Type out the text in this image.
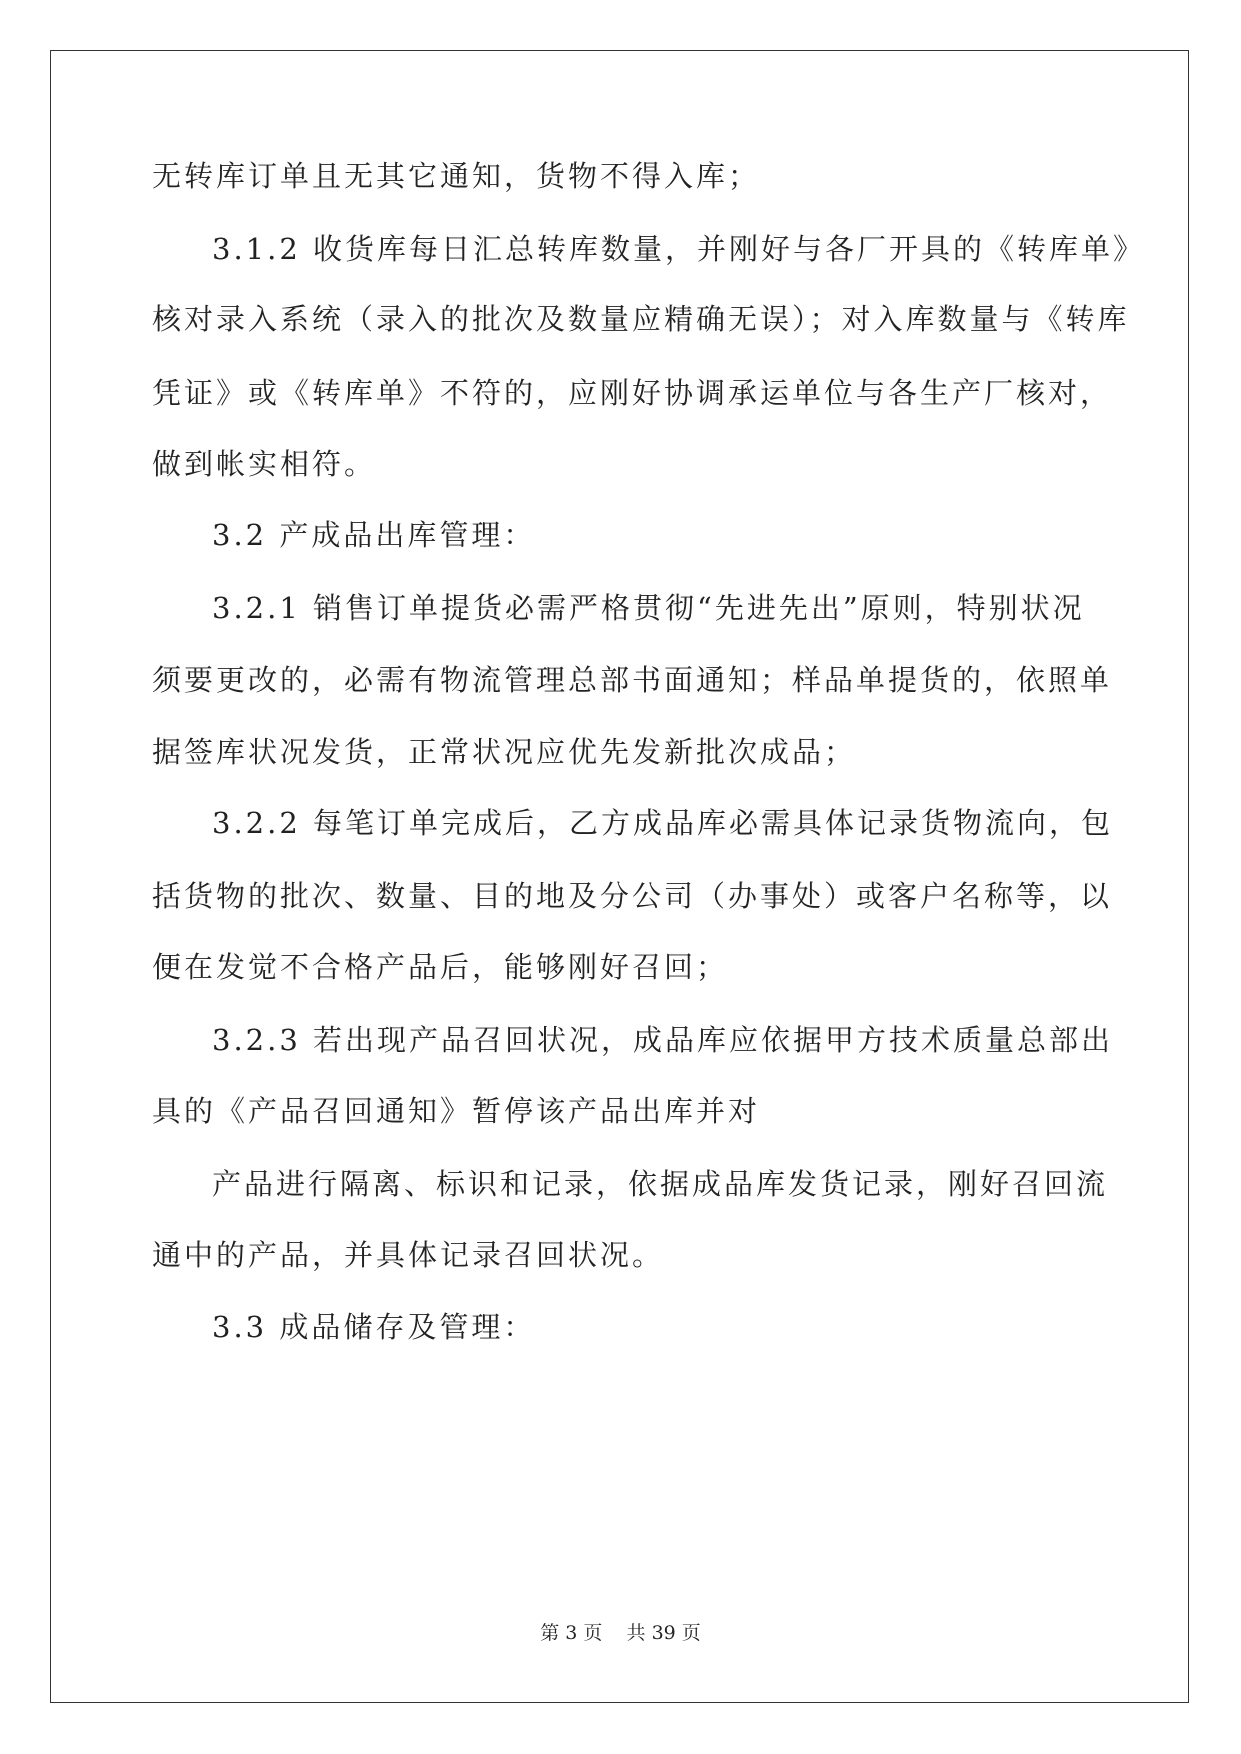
无转库订单且无其它通知，货物不得入库；
3.1.2 收货库每日汇总转库数量，并刚好与各厂开具的《转库单》
核对录入系统（录入的批次及数量应精确无误）；对入库数量与《转库
凭证》或《转库单》不符的，应刚好协调承运单位与各生产厂核对，
做到帐实相符。
3.2 产成品出库管理：
3.2.1 销售订单提货必需严格贯彻“先进先出”原则，特别状况
须要更改的，必需有物流管理总部书面通知；样品单提货的，依照单
据签库状况发货，正常状况应优先发新批次成品；
3.2.2 每笔订单完成后，乙方成品库必需具体记录货物流向，包
括货物的批次、数量、目的地及分公司（办事处）或客户名称等，以
便在发觉不合格产品后，能够刚好召回；
3.2.3 若出现产品召回状况，成品库应依据甲方技术质量总部出
具的《产品召回通知》暂停该产品出库并对
产品进行隔离、标识和记录，依据成品库发货记录，刚好召回流
通中的产品，并具体记录召回状况。
3.3 成品储存及管理：
第 3 页 共 39 页
